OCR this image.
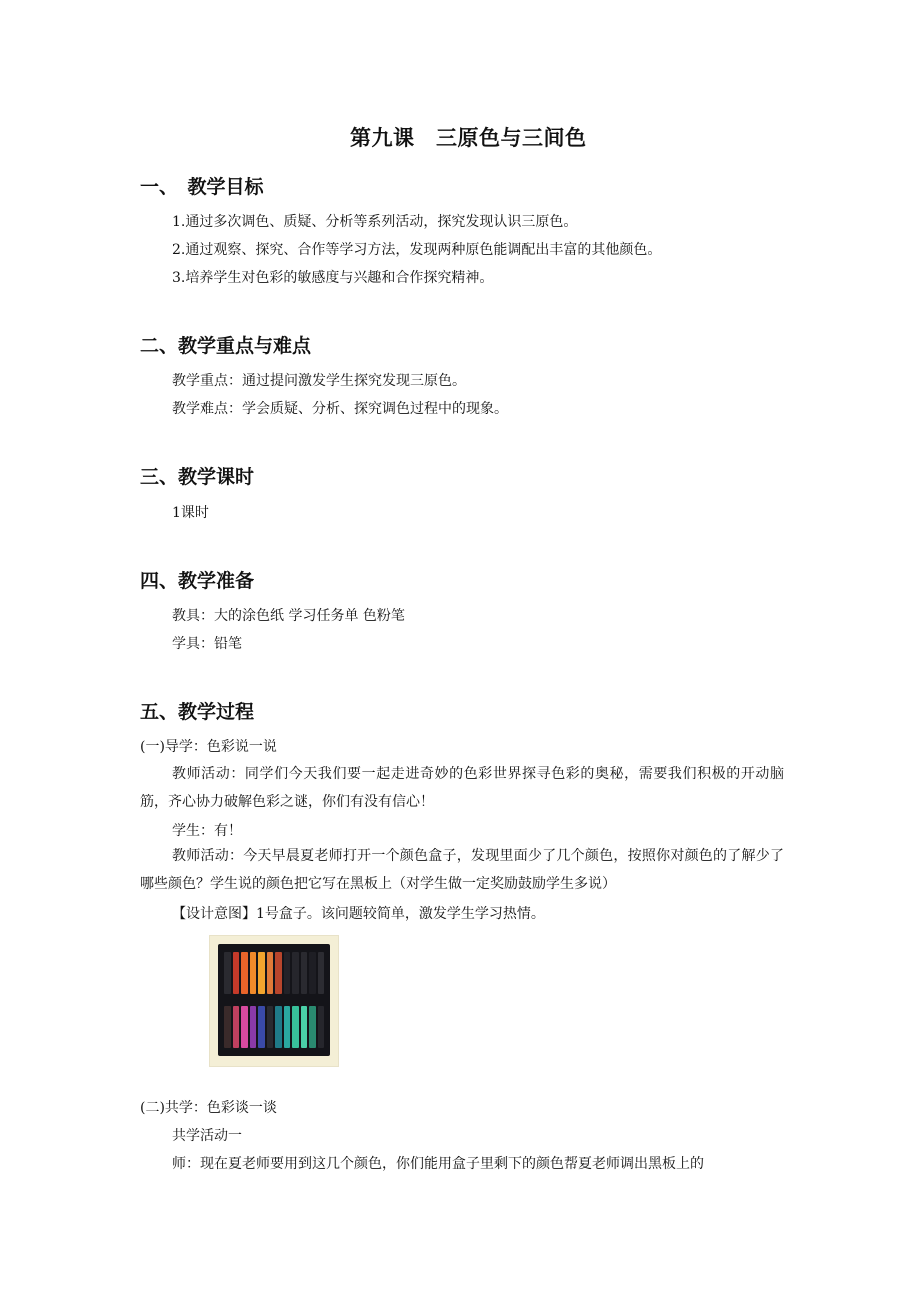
第九课　三原色与三间色
一、　教学目标
1.通过多次调色、质疑、分析等系列活动，探究发现认识三原色。
2.通过观察、探究、合作等学习方法，发现两种原色能调配出丰富的其他颜色。
3.培养学生对色彩的敏感度与兴趣和合作探究精神。
二、教学重点与难点
教学重点：通过提问激发学生探究发现三原色。
教学难点：学会质疑、分析、探究调色过程中的现象。
三、教学课时
1课时
四、教学准备
教具：大的涂色纸 学习任务单 色粉笔
学具：铅笔
五、教学过程
(一)导学：色彩说一说
教师活动：同学们今天我们要一起走进奇妙的色彩世界探寻色彩的奥秘，需要我们积极的开动脑筋，齐心协力破解色彩之谜，你们有没有信心！
学生：有！
教师活动：今天早晨夏老师打开一个颜色盒子，发现里面少了几个颜色，按照你对颜色的了解少了哪些颜色？学生说的颜色把它写在黑板上（对学生做一定奖励鼓励学生多说）
【设计意图】1号盒子。该问题较简单，激发学生学习热情。
(二)共学：色彩谈一谈
共学活动一
师：现在夏老师要用到这几个颜色，你们能用盒子里剩下的颜色帮夏老师调出黑板上的
